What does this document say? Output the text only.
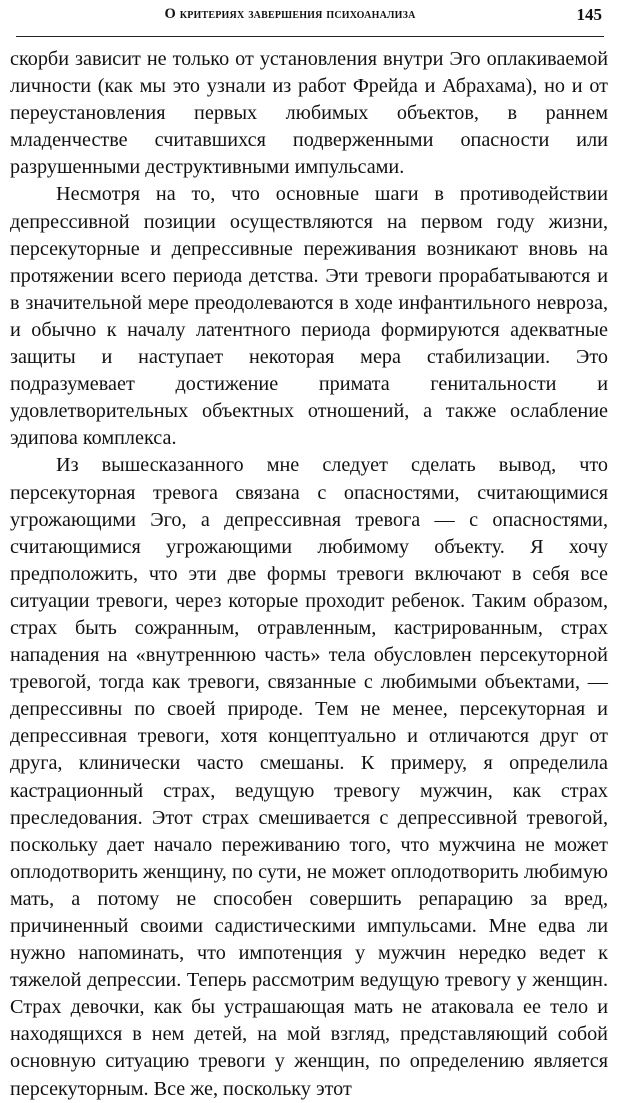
О критериях завершения психоанализа	145

скорби зависит не только от установления внутри Эго оплакиваемой личности (как мы это узнали из работ Фрейда и Абрахама), но и от переустановления первых любимых объектов, в раннем младенчестве считавшихся подверженными опасности или разрушенными деструктивными импульсами.

Несмотря на то, что основные шаги в противодействии депрессивной позиции осуществляются на первом году жизни, персекуторные и депрессивные переживания возникают вновь на протяжении всего периода детства. Эти тревоги прорабатываются и в значительной мере преодолеваются в ходе инфантильного невроза, и обычно к началу латентного периода формируются адекватные защиты и наступает некоторая мера стабилизации. Это подразумевает достижение примата генитальности и удовлетворительных объектных отношений, а также ослабление эдипова комплекса.

Из вышесказанного мне следует сделать вывод, что персекуторная тревога связана с опасностями, считающимися угрожающими Эго, а депрессивная тревога — с опасностями, считающимися угрожающими любимому объекту. Я хочу предположить, что эти две формы тревоги включают в себя все ситуации тревоги, через которые проходит ребенок. Таким образом, страх быть сожранным, отравленным, кастрированным, страх нападения на «внутреннюю часть» тела обусловлен персекуторной тревогой, тогда как тревоги, связанные с любимыми объектами, — депрессивны по своей природе. Тем не менее, персекуторная и депрессивная тревоги, хотя концептуально и отличаются друг от друга, клинически часто смешаны. К примеру, я определила кастрационный страх, ведущую тревогу мужчин, как страх преследования. Этот страх смешивается с депрессивной тревогой, поскольку дает начало переживанию того, что мужчина не может оплодотворить женщину, по сути, не может оплодотворить любимую мать, а потому не способен совершить репарацию за вред, причиненный своими садистическими импульсами. Мне едва ли нужно напоминать, что импотенция у мужчин нередко ведет к тяжелой депрессии. Теперь рассмотрим ведущую тревогу у женщин. Страх девочки, как бы устрашающая мать не атаковала ее тело и находящихся в нем детей, на мой взгляд, представляющий собой основную ситуацию тревоги у женщин, по определению является персекуторным. Все же, поскольку этот
